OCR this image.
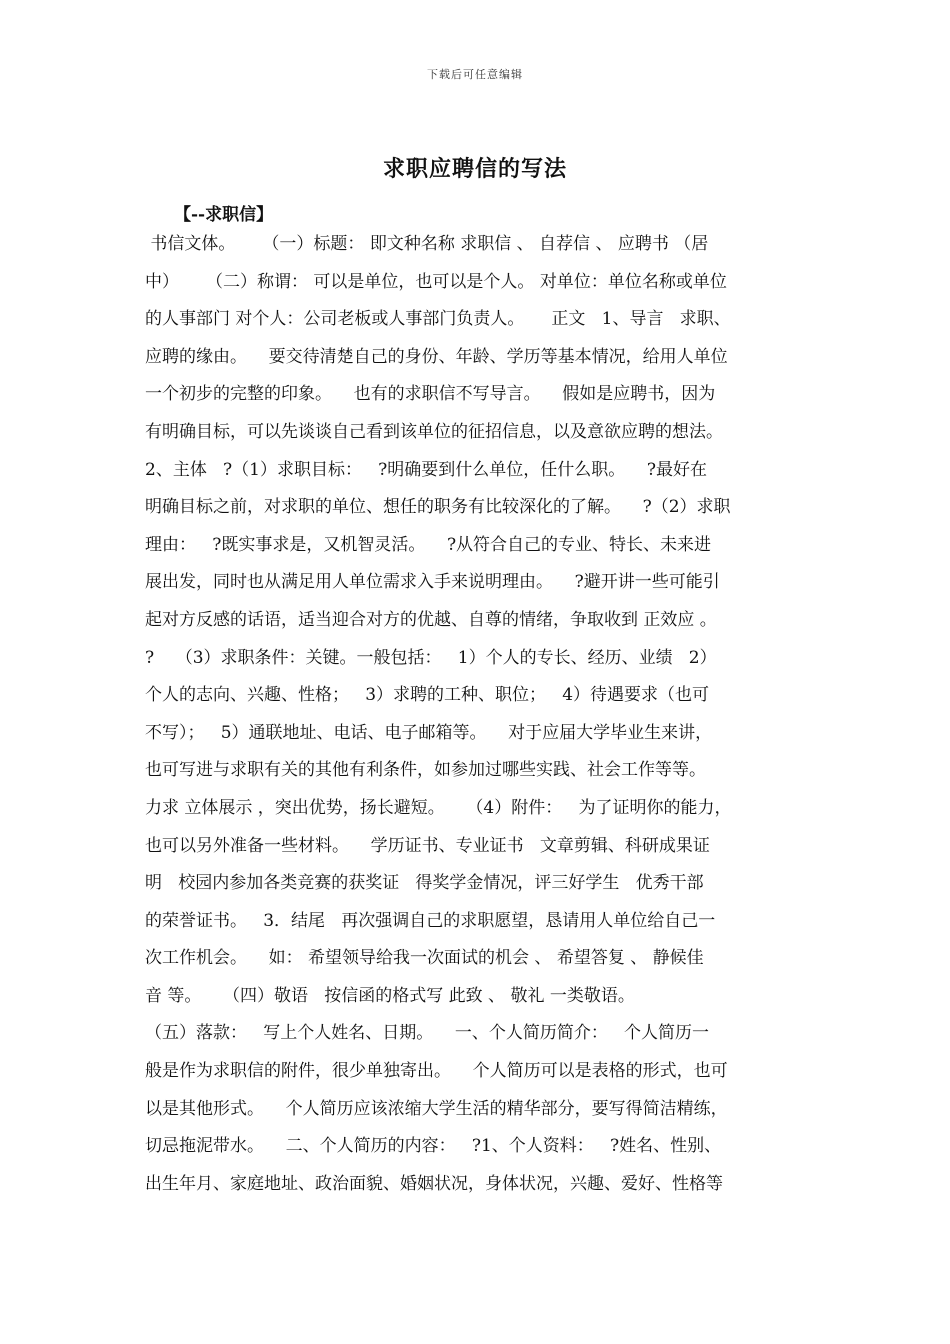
下载后可任意编辑
求职应聘信的写法
【--求职信】
书信文体。     （一）标题： 即文种名称 求职信 、 自荐信 、 应聘书 （居
中）     （二）称谓： 可以是单位，也可以是个人。 对单位：单位名称或单位
的人事部门 对个人：公司老板或人事部门负责人。     正文   1、导言   求职、
应聘的缘由。    要交待清楚自己的身份、年龄、学历等基本情况，给用人单位
一个初步的完整的印象。    也有的求职信不写导言。    假如是应聘书，因为
有明确目标，可以先谈谈自己看到该单位的征招信息，以及意欲应聘的想法。
2、主体   ?（1）求职目标：   ?明确要到什么单位，任什么职。    ?最好在
明确目标之前，对求职的单位、想任的职务有比较深化的了解。    ?（2）求职
理由：   ?既实事求是，又机智灵活。    ?从符合自己的专业、特长、未来进
展出发，同时也从满足用人单位需求入手来说明理由。    ?避开讲一些可能引
起对方反感的话语，适当迎合对方的优越、自尊的情绪，争取收到 正效应 。
?    （3）求职条件：关键。一般包括：   1）个人的专长、经历、业绩   2）
个人的志向、兴趣、性格；   3）求聘的工种、职位；   4）待遇要求（也可
不写）；   5）通联地址、电话、电子邮箱等。    对于应届大学毕业生来讲，
也可写进与求职有关的其他有利条件，如参加过哪些实践、社会工作等等。
力求 立体展示 ，突出优势，扬长避短。    （4）附件：   为了证明你的能力，
也可以另外准备一些材料。    学历证书、专业证书   文章剪辑、科研成果证
明   校园内参加各类竞赛的获奖证   得奖学金情况，评三好学生   优秀干部
的荣誉证书。   3．结尾   再次强调自己的求职愿望，恳请用人单位给自己一
次工作机会。    如： 希望领导给我一次面试的机会 、 希望答复 、 静候佳
音 等。    （四）敬语   按信函的格式写 此致 、 敬礼 一类敬语。
（五）落款：   写上个人姓名、日期。    一、个人简历简介：   个人简历一
般是作为求职信的附件，很少单独寄出。    个人简历可以是表格的形式，也可
以是其他形式。    个人简历应该浓缩大学生活的精华部分，要写得简洁精练，
切忌拖泥带水。    二、个人简历的内容：   ?1、个人资料：   ?姓名、性别、
出生年月、家庭地址、政治面貌、婚姻状况，身体状况，兴趣、爱好、性格等
